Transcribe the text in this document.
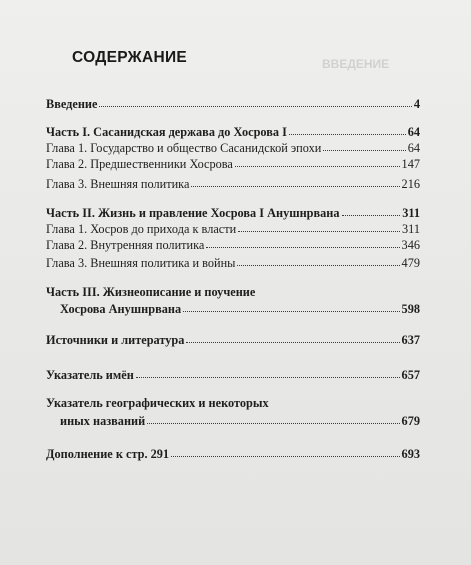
СОДЕРЖАНИЕ	ВВЕДЕНИЕ
Введение	4
Часть I. Сасанидская держава до Хосрова I	64
Глава 1. Государство и общество Сасанидской эпохи	64
Глава 2. Предшественники Хосрова	147
Глава 3. Внешняя политика	216
Часть II. Жизнь и правление Хосрова I Анушнрвана	311
Глава 1. Хосров до прихода к власти	311
Глава 2. Внутренняя политика	346
Глава 3. Внешняя политика и войны	479
Часть III. Жизнеописание и поучение
Хосрова Анушнрвана	598
Источники и литература	637
Указатель имён	657
Указатель географических и некоторых
иных названий	679
Дополнение к стр. 291	693
